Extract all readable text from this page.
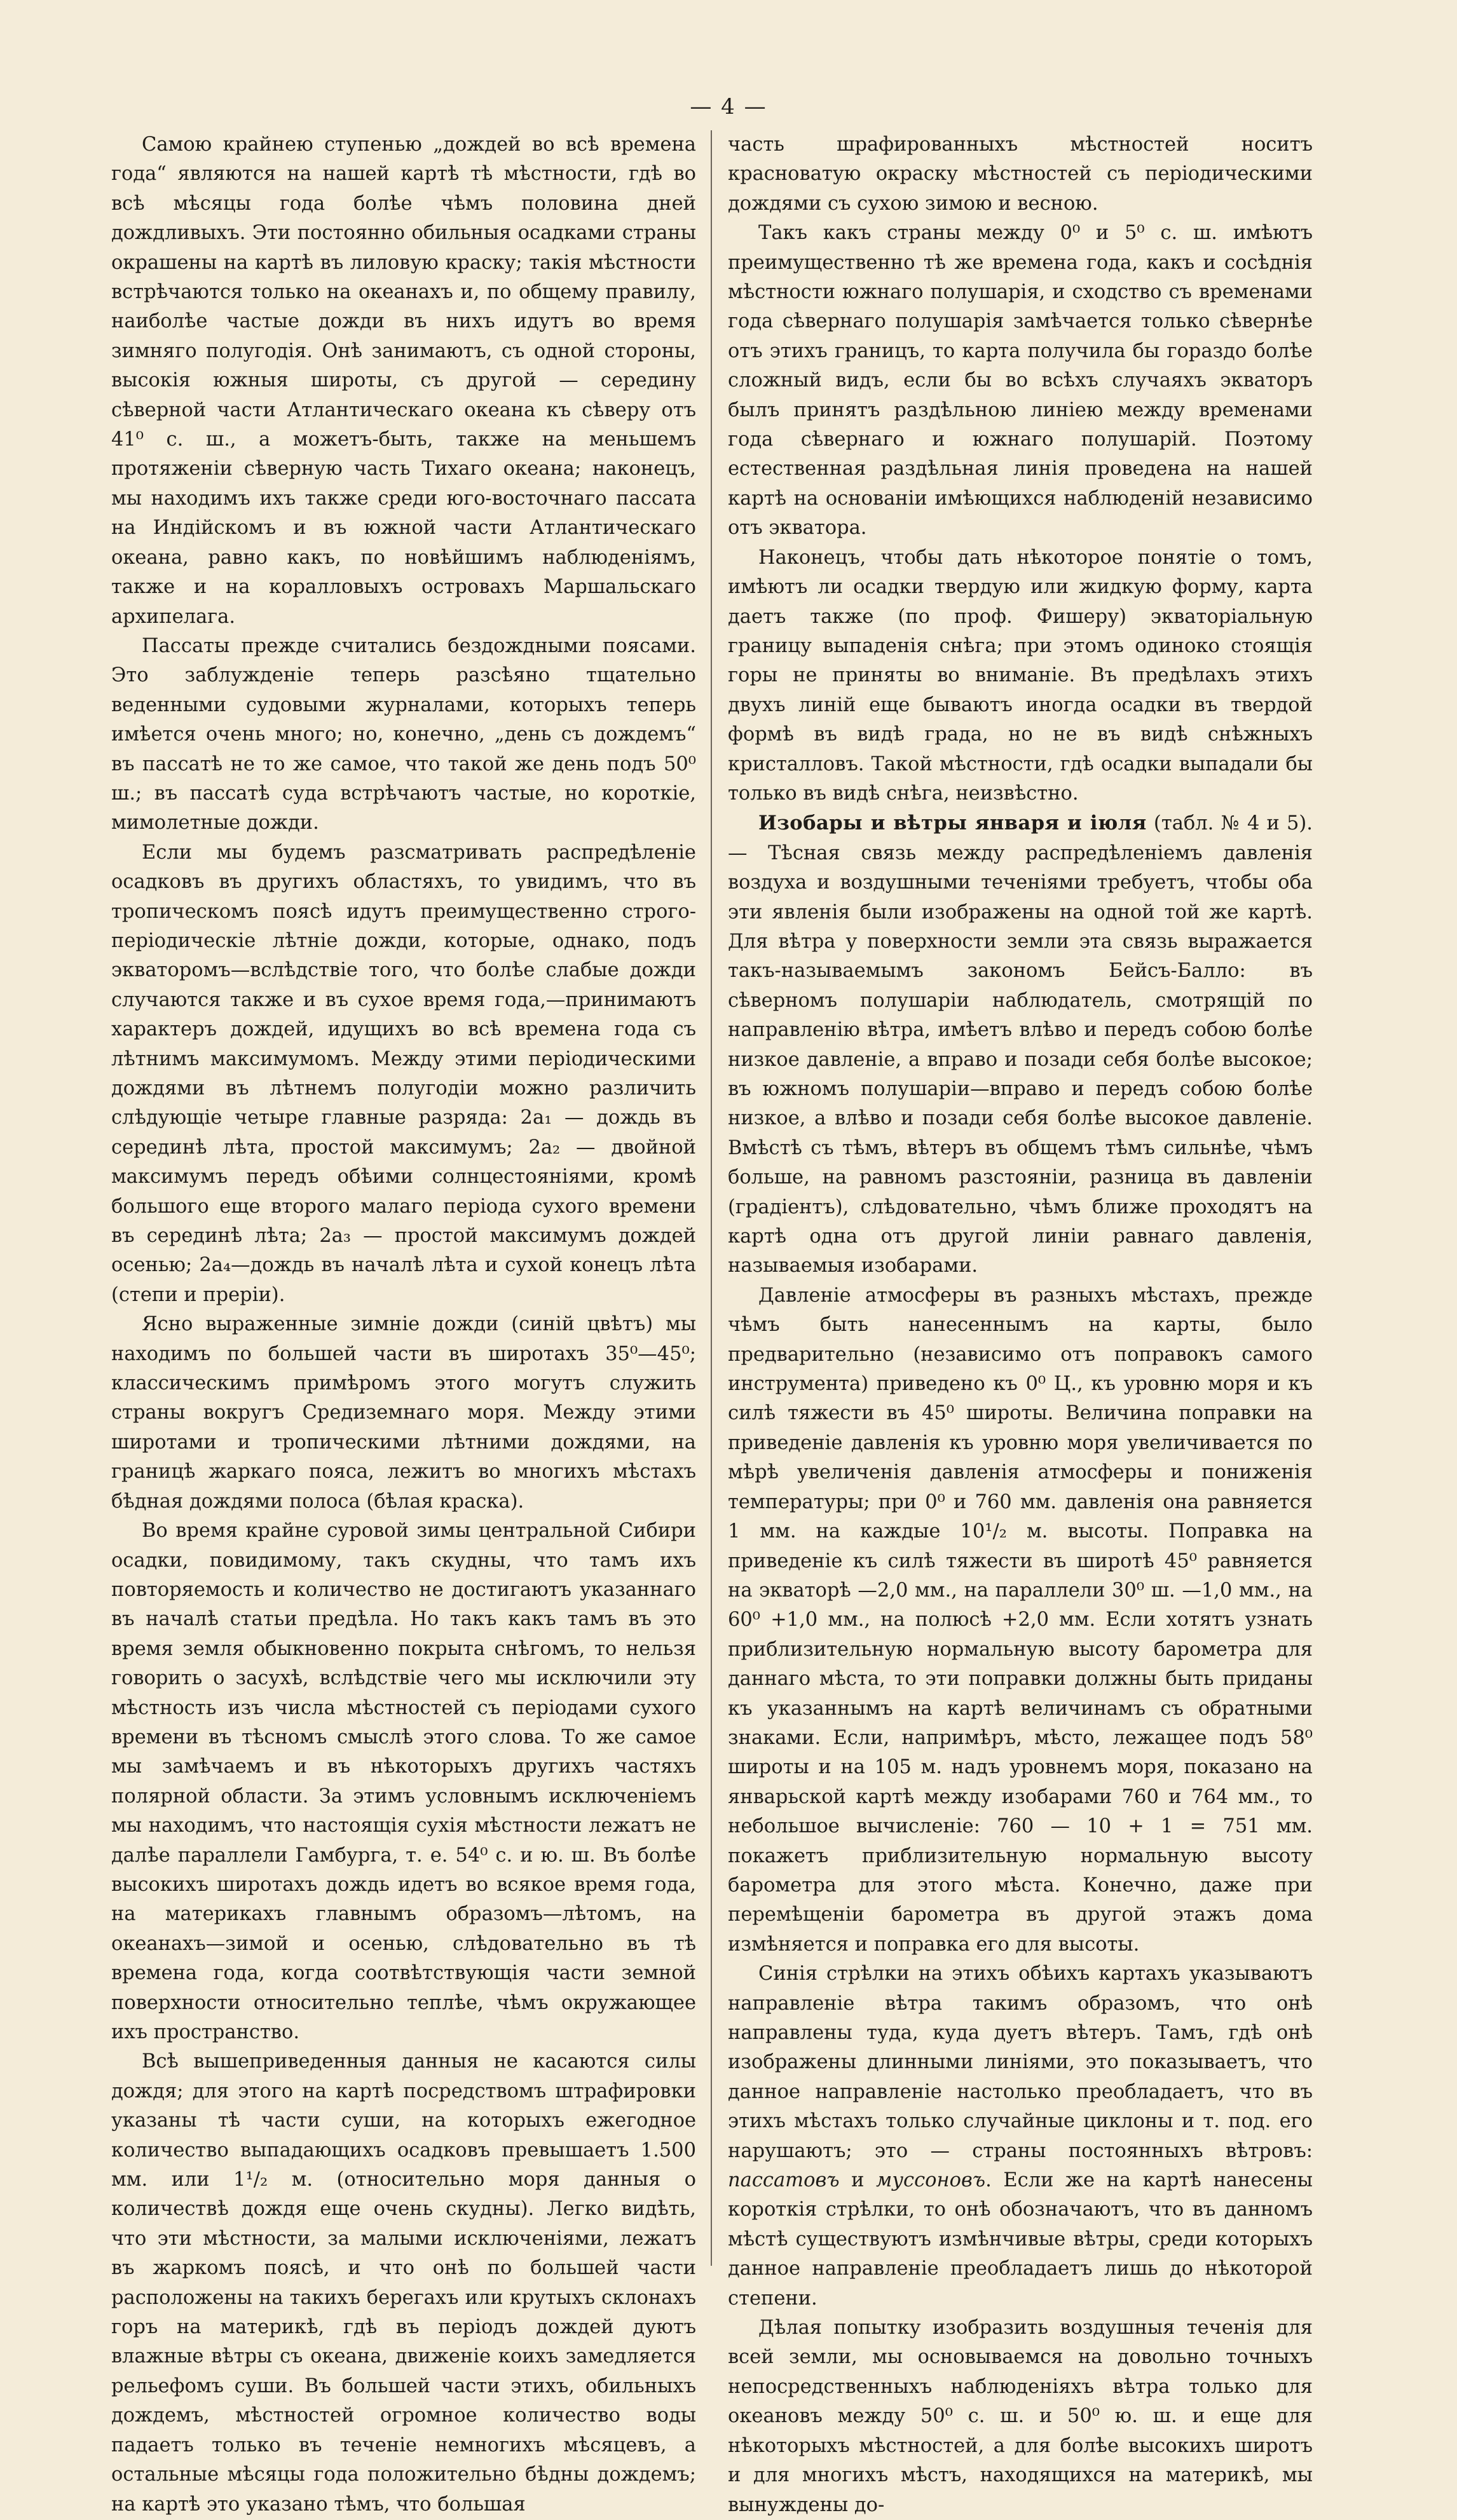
— 4 —

Самою крайнею ступенью „дождей во всѣ времена года“ являются на нашей картѣ тѣ мѣстности, гдѣ во всѣ мѣсяцы года болѣе чѣмъ половина дней дождливыхъ. Эти постоянно обильныя осадками страны окрашены на картѣ въ лиловую краску; такія мѣстности встрѣчаются только на океанахъ и, по общему правилу, наиболѣе частые дожди въ нихъ идутъ во время зимняго полугодія. Онѣ занимаютъ, съ одной стороны, высокія южныя широты, съ другой — середину сѣверной части Атлантическаго океана къ сѣверу отъ 41⁰ с. ш., а можетъ-быть, также на меньшемъ протяженіи сѣверную часть Тихаго океана; наконецъ, мы находимъ ихъ также среди юго-восточнаго пассата на Индійскомъ и въ южной части Атлантическаго океана, равно какъ, по новѣйшимъ наблюденіямъ, также и на коралловыхъ островахъ Маршальскаго архипелага.

Пассаты прежде считались бездождными поясами. Это заблужденіе теперь разсѣяно тщательно веденными судовыми журналами, которыхъ теперь имѣется очень много; но, конечно, „день съ дождемъ“ въ пассатѣ не то же самое, что такой же день подъ 50⁰ ш.; въ пассатѣ суда встрѣчаютъ частые, но короткіе, мимолетные дожди.

Если мы будемъ разсматривать распредѣленіе осадковъ въ другихъ областяхъ, то увидимъ, что въ тропическомъ поясѣ идутъ преимущественно строго-періодическіе лѣтніе дожди, которые, однако, подъ экваторомъ—вслѣдствіе того, что болѣе слабые дожди случаются также и въ сухое время года,—принимаютъ характеръ дождей, идущихъ во всѣ времена года съ лѣтнимъ максимумомъ. Между этими періодическими дождями въ лѣтнемъ полугодіи можно различить слѣдующіе четыре главные разряда: 2a₁ — дождь въ серединѣ лѣта, простой максимумъ; 2a₂ — двойной максимумъ передъ обѣими солнцестояніями, кромѣ большого еще второго малаго періода сухого времени въ серединѣ лѣта; 2a₃ — простой максимумъ дождей осенью; 2a₄—дождь въ началѣ лѣта и сухой конецъ лѣта (степи и преріи).

Ясно выраженные зимніе дожди (синій цвѣтъ) мы находимъ по большей части въ широтахъ 35⁰—45⁰; классическимъ примѣромъ этого могутъ служить страны вокругъ Средиземнаго моря. Между этими широтами и тропическими лѣтними дождями, на границѣ жаркаго пояса, лежитъ во многихъ мѣстахъ бѣдная дождями полоса (бѣлая краска).

Во время крайне суровой зимы центральной Сибири осадки, повидимому, такъ скудны, что тамъ ихъ повторяемость и количество не достигаютъ указаннаго въ началѣ статьи предѣла. Но такъ какъ тамъ въ это время земля обыкновенно покрыта снѣгомъ, то нельзя говорить о засухѣ, вслѣдствіе чего мы исключили эту мѣстность изъ числа мѣстностей съ періодами сухого времени въ тѣсномъ смыслѣ этого слова. То же самое мы замѣчаемъ и въ нѣкоторыхъ другихъ частяхъ полярной области. За этимъ условнымъ исключеніемъ мы находимъ, что настоящія сухія мѣстности лежатъ не далѣе параллели Гамбурга, т. е. 54⁰ с. и ю. ш. Въ болѣе высокихъ широтахъ дождь идетъ во всякое время года, на материкахъ главнымъ образомъ—лѣтомъ, на океанахъ—зимой и осенью, слѣдовательно въ тѣ времена года, когда соотвѣтствующія части земной поверхности относительно теплѣе, чѣмъ окружающее ихъ пространство.

Всѣ вышеприведенныя данныя не касаются силы дождя; для этого на картѣ посредствомъ штрафировки указаны тѣ части суши, на которыхъ ежегодное количество выпадающихъ осадковъ превышаетъ 1.500 мм. или 1¹/₂ м. (относительно моря данныя о количествѣ дождя еще очень скудны). Легко видѣть, что эти мѣстности, за малыми исключеніями, лежатъ въ жаркомъ поясѣ, и что онѣ по большей части расположены на такихъ берегахъ или крутыхъ склонахъ горъ на материкѣ, гдѣ въ періодъ дождей дуютъ влажные вѣтры съ океана, движеніе коихъ замедляется рельефомъ суши. Въ большей части этихъ, обильныхъ дождемъ, мѣстностей огромное количество воды падаетъ только въ теченіе немногихъ мѣсяцевъ, а остальные мѣсяцы года положительно бѣдны дождемъ; на картѣ это указано тѣмъ, что большая

часть шрафированныхъ мѣстностей носитъ красноватую окраску мѣстностей съ періодическими дождями съ сухою зимою и весною.

Такъ какъ страны между 0⁰ и 5⁰ с. ш. имѣютъ преимущественно тѣ же времена года, какъ и сосѣднія мѣстности южнаго полушарія, и сходство съ временами года сѣвернаго полушарія замѣчается только сѣвернѣе отъ этихъ границъ, то карта получила бы гораздо болѣе сложный видъ, если бы во всѣхъ случаяхъ экваторъ былъ принятъ раздѣльною линіею между временами года сѣвернаго и южнаго полушарій. Поэтому естественная раздѣльная линія проведена на нашей картѣ на основаніи имѣющихся наблюденій независимо отъ экватора.

Наконецъ, чтобы дать нѣкоторое понятіе о томъ, имѣютъ ли осадки твердую или жидкую форму, карта даетъ также (по проф. Фишеру) экваторіальную границу выпаденія снѣга; при этомъ одиноко стоящія горы не приняты во вниманіе. Въ предѣлахъ этихъ двухъ линій еще бываютъ иногда осадки въ твердой формѣ въ видѣ града, но не въ видѣ снѣжныхъ кристалловъ. Такой мѣстности, гдѣ осадки выпадали бы только въ видѣ снѣга, неизвѣстно.

Изобары и вѣтры января и іюля (табл. № 4 и 5).— Тѣсная связь между распредѣленіемъ давленія воздуха и воздушными теченіями требуетъ, чтобы оба эти явленія были изображены на одной той же картѣ. Для вѣтра у поверхности земли эта связь выражается такъ-называемымъ закономъ Бейсъ-Балло: въ сѣверномъ полушаріи наблюдатель, смотрящій по направленію вѣтра, имѣетъ влѣво и передъ собою болѣе низкое давленіе, а вправо и позади себя болѣе высокое; въ южномъ полушаріи—вправо и передъ собою болѣе низкое, а влѣво и позади себя болѣе высокое давленіе. Вмѣстѣ съ тѣмъ, вѣтеръ въ общемъ тѣмъ сильнѣе, чѣмъ больше, на равномъ разстояніи, разница въ давленіи (градіентъ), слѣдовательно, чѣмъ ближе проходятъ на картѣ одна отъ другой линіи равнаго давленія, называемыя изобарами.

Давленіе атмосферы въ разныхъ мѣстахъ, прежде чѣмъ быть нанесеннымъ на карты, было предварительно (независимо отъ поправокъ самого инструмента) приведено къ 0⁰ Ц., къ уровню моря и къ силѣ тяжести въ 45⁰ широты. Величина поправки на приведеніе давленія къ уровню моря увеличивается по мѣрѣ увеличенія давленія атмосферы и пониженія температуры; при 0⁰ и 760 мм. давленія она равняется 1 мм. на каждые 10¹/₂ м. высоты. Поправка на приведеніе къ силѣ тяжести въ широтѣ 45⁰ равняется на экваторѣ —2,0 мм., на параллели 30⁰ ш. —1,0 мм., на 60⁰ +1,0 мм., на полюсѣ +2,0 мм. Если хотятъ узнать приблизительную нормальную высоту барометра для даннаго мѣста, то эти поправки должны быть приданы къ указаннымъ на картѣ величинамъ съ обратными знаками. Если, напримѣръ, мѣсто, лежащее подъ 58⁰ широты и на 105 м. надъ уровнемъ моря, показано на январьской картѣ между изобарами 760 и 764 мм., то небольшое вычисленіе: 760 — 10 + 1 = 751 мм. покажетъ приблизительную нормальную высоту барометра для этого мѣста. Конечно, даже при перемѣщеніи барометра въ другой этажъ дома измѣняется и поправка его для высоты.

Синія стрѣлки на этихъ обѣихъ картахъ указываютъ направленіе вѣтра такимъ образомъ, что онѣ направлены туда, куда дуетъ вѣтеръ. Тамъ, гдѣ онѣ изображены длинными линіями, это показываетъ, что данное направленіе настолько преобладаетъ, что въ этихъ мѣстахъ только случайные циклоны и т. под. его нарушаютъ; это — страны постоянныхъ вѣтровъ: пассатовъ и муссоновъ. Если же на картѣ нанесены короткія стрѣлки, то онѣ обозначаютъ, что въ данномъ мѣстѣ существуютъ измѣнчивые вѣтры, среди которыхъ данное направленіе преобладаетъ лишь до нѣкоторой степени.

Дѣлая попытку изобразить воздушныя теченія для всей земли, мы основываемся на довольно точныхъ непосредственныхъ наблюденіяхъ вѣтра только для океановъ между 50⁰ с. ш. и 50⁰ ю. ш. и еще для нѣкоторыхъ мѣстностей, а для болѣе высокихъ широтъ и для многихъ мѣстъ, находящихся на материкѣ, мы вынуждены до-
